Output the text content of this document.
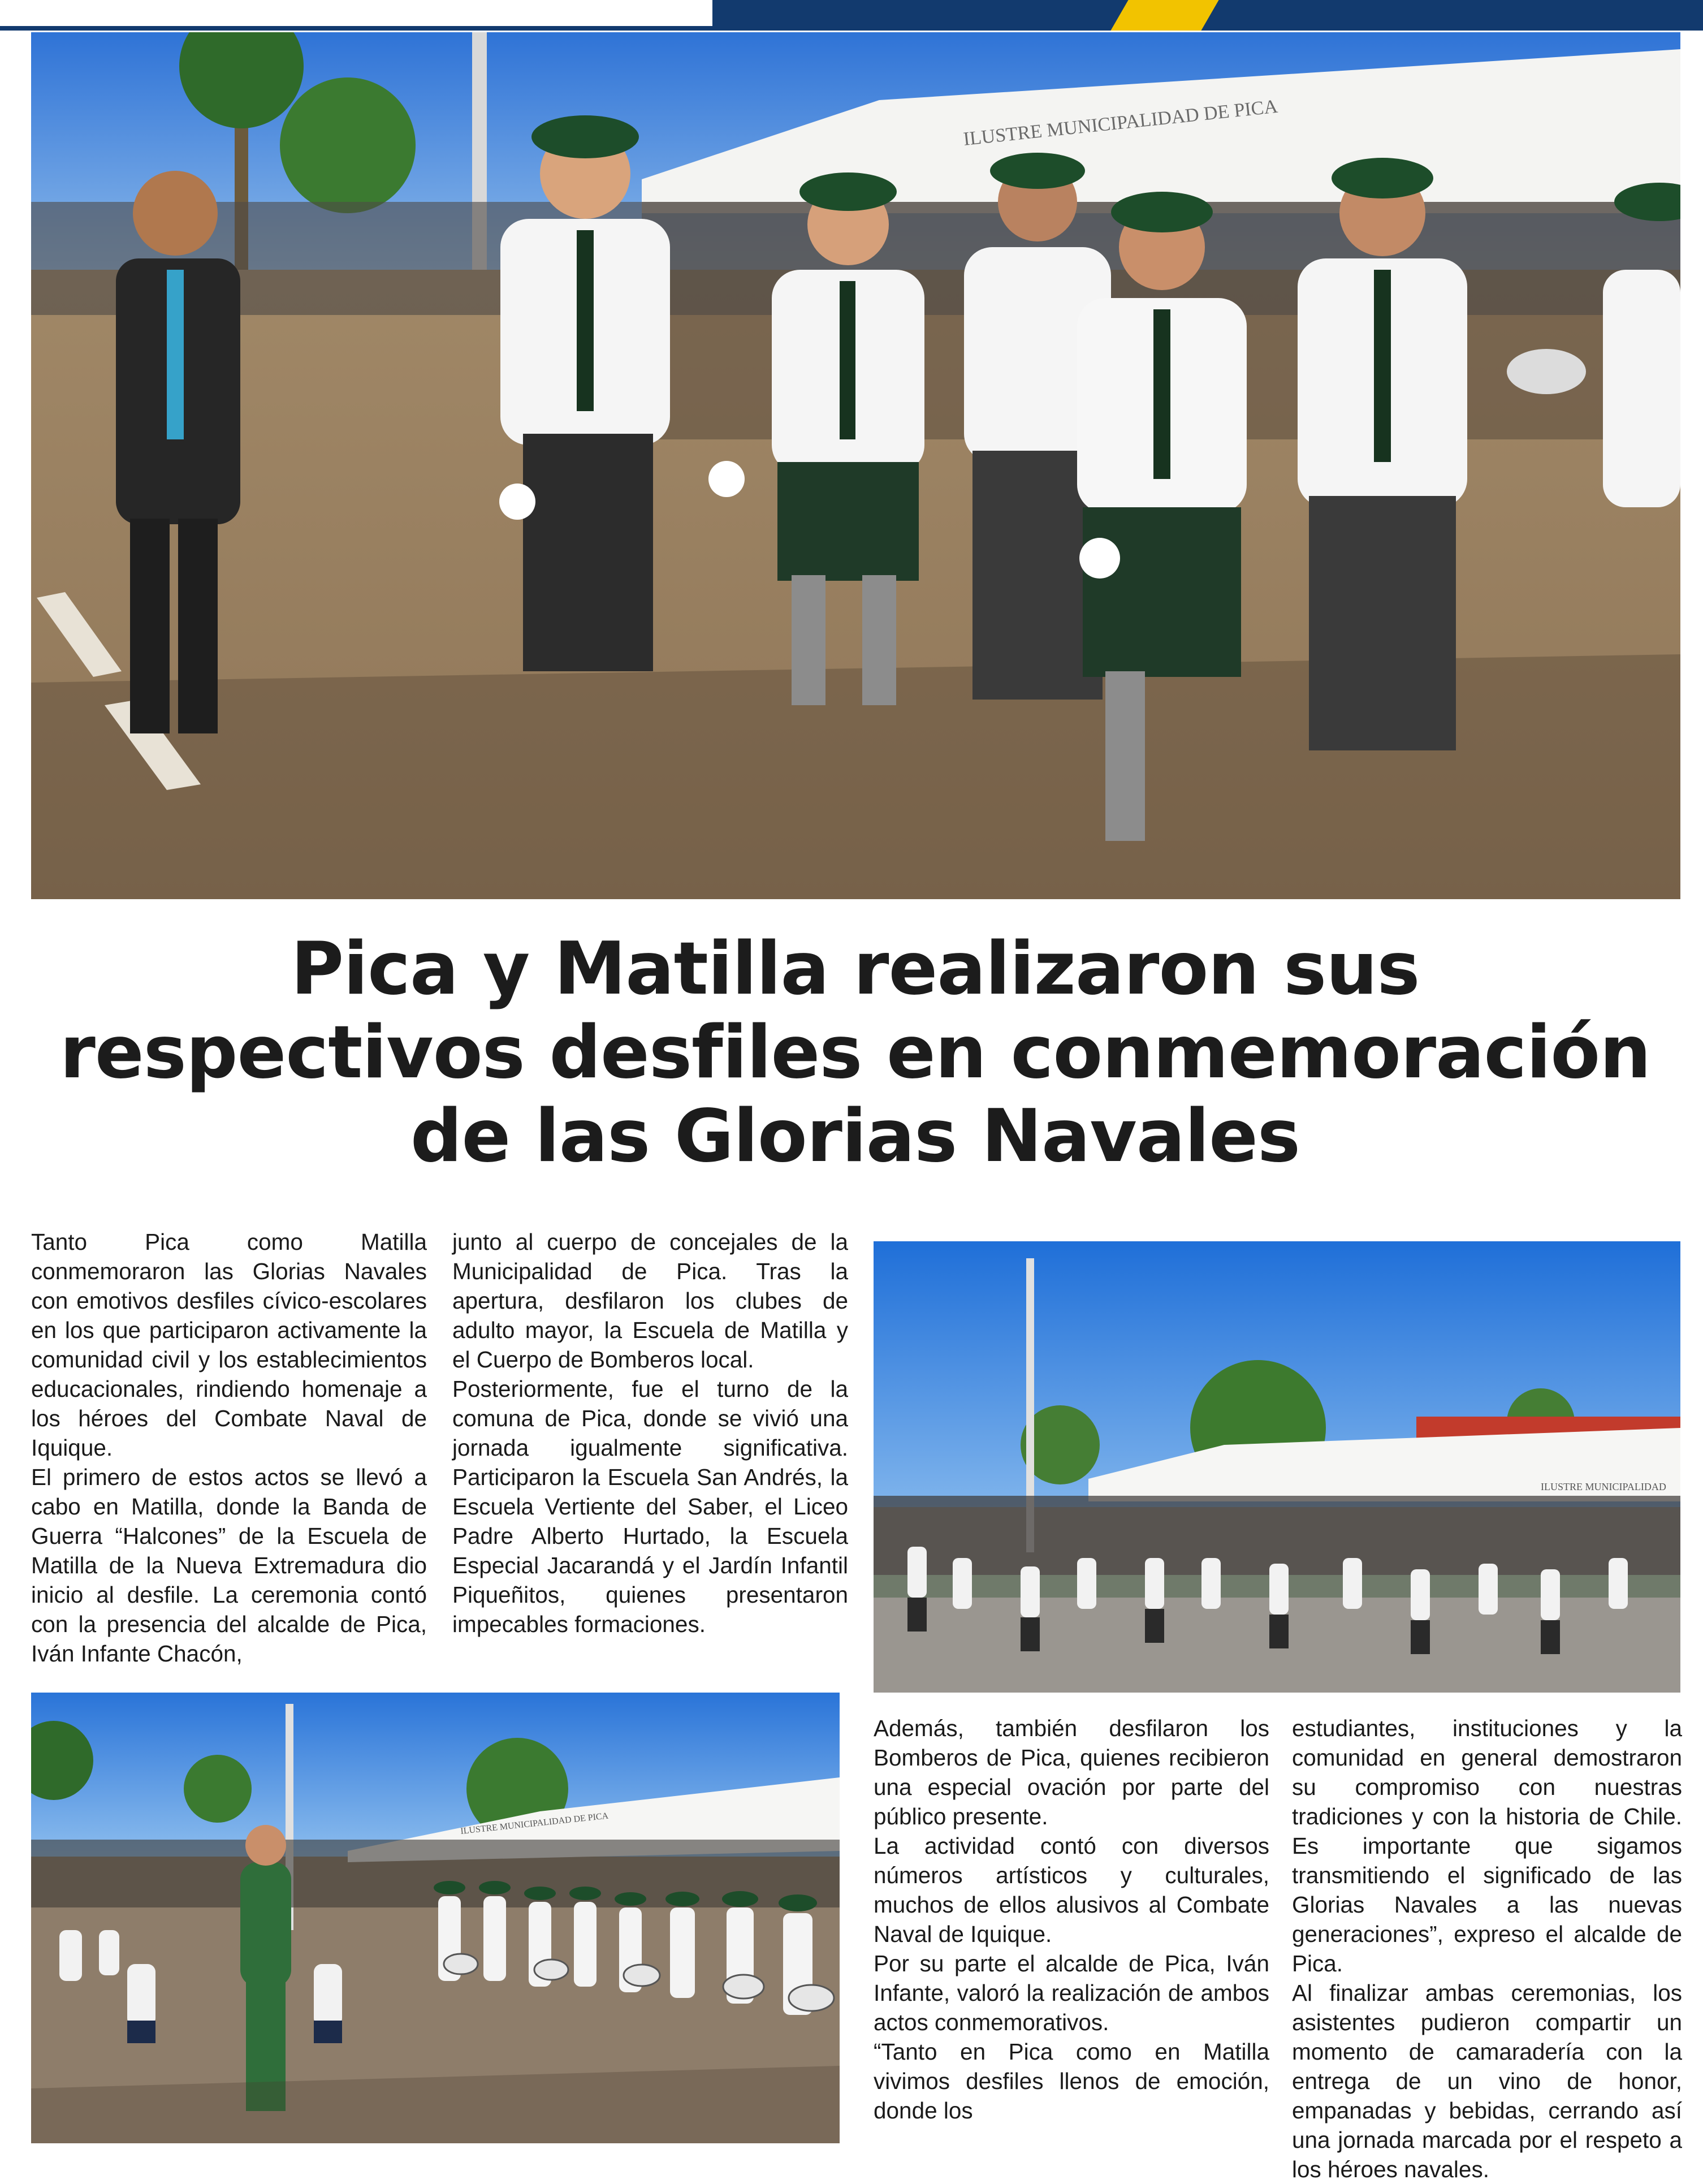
ILUSTRE MUNICIPALIDAD DE PICA
Pica y Matilla realizaron sus
respectivos desfiles en conmemoración
de las Glorias Navales

Tanto Pica como Matilla conmemoraron las Glorias Navales con emotivos desfiles cívico-escolares en los que participaron activamente la comunidad civil y los establecimientos educacionales, rindiendo homenaje a los héroes del Combate Naval de Iquique.

El primero de estos actos se llevó a cabo en Matilla, donde la Banda de Guerra “Halcones” de la Escuela de Matilla de la Nueva Extremadura dio inicio al desfile. La ceremonia contó con la presencia del alcalde de Pica, Iván Infante Chacón,

junto al cuerpo de concejales de la Municipalidad de Pica. Tras la apertura, desfilaron los clubes de adulto mayor, la Escuela de Matilla y el Cuerpo de Bomberos local.

Posteriormente, fue el turno de la comuna de Pica, donde se vivió una jornada igualmente significativa. Participaron la Escuela San Andrés, la Escuela Vertiente del Saber, el Liceo Padre Alberto Hurtado, la Escuela Especial Jacarandá y el Jardín Infantil Piqueñitos, quienes presentaron impecables formaciones.

ILUSTRE MUNICIPALIDAD
ILUSTRE MUNICIPALIDAD DE PICA

Además, también desfilaron los Bomberos de Pica, quienes recibieron una especial ovación por parte del público presente.

La actividad contó con diversos números artísticos y culturales, muchos de ellos alusivos al Combate Naval de Iquique.

Por su parte el alcalde de Pica, Iván Infante, valoró la realización de ambos actos conmemorativos.

“Tanto en Pica como en Matilla vivimos desfiles llenos de emoción, donde los

estudiantes, instituciones y la comunidad en general demostraron su compromiso con nuestras tradiciones y con la historia de Chile. Es importante que sigamos transmitiendo el significado de las Glorias Navales a las nuevas generaciones”, expreso el alcalde de Pica.

Al finalizar ambas ceremonias, los asistentes pudieron compartir un momento de camaradería con la entrega de un vino de honor, empanadas y bebidas, cerrando así una jornada marcada por el respeto a los héroes navales.
